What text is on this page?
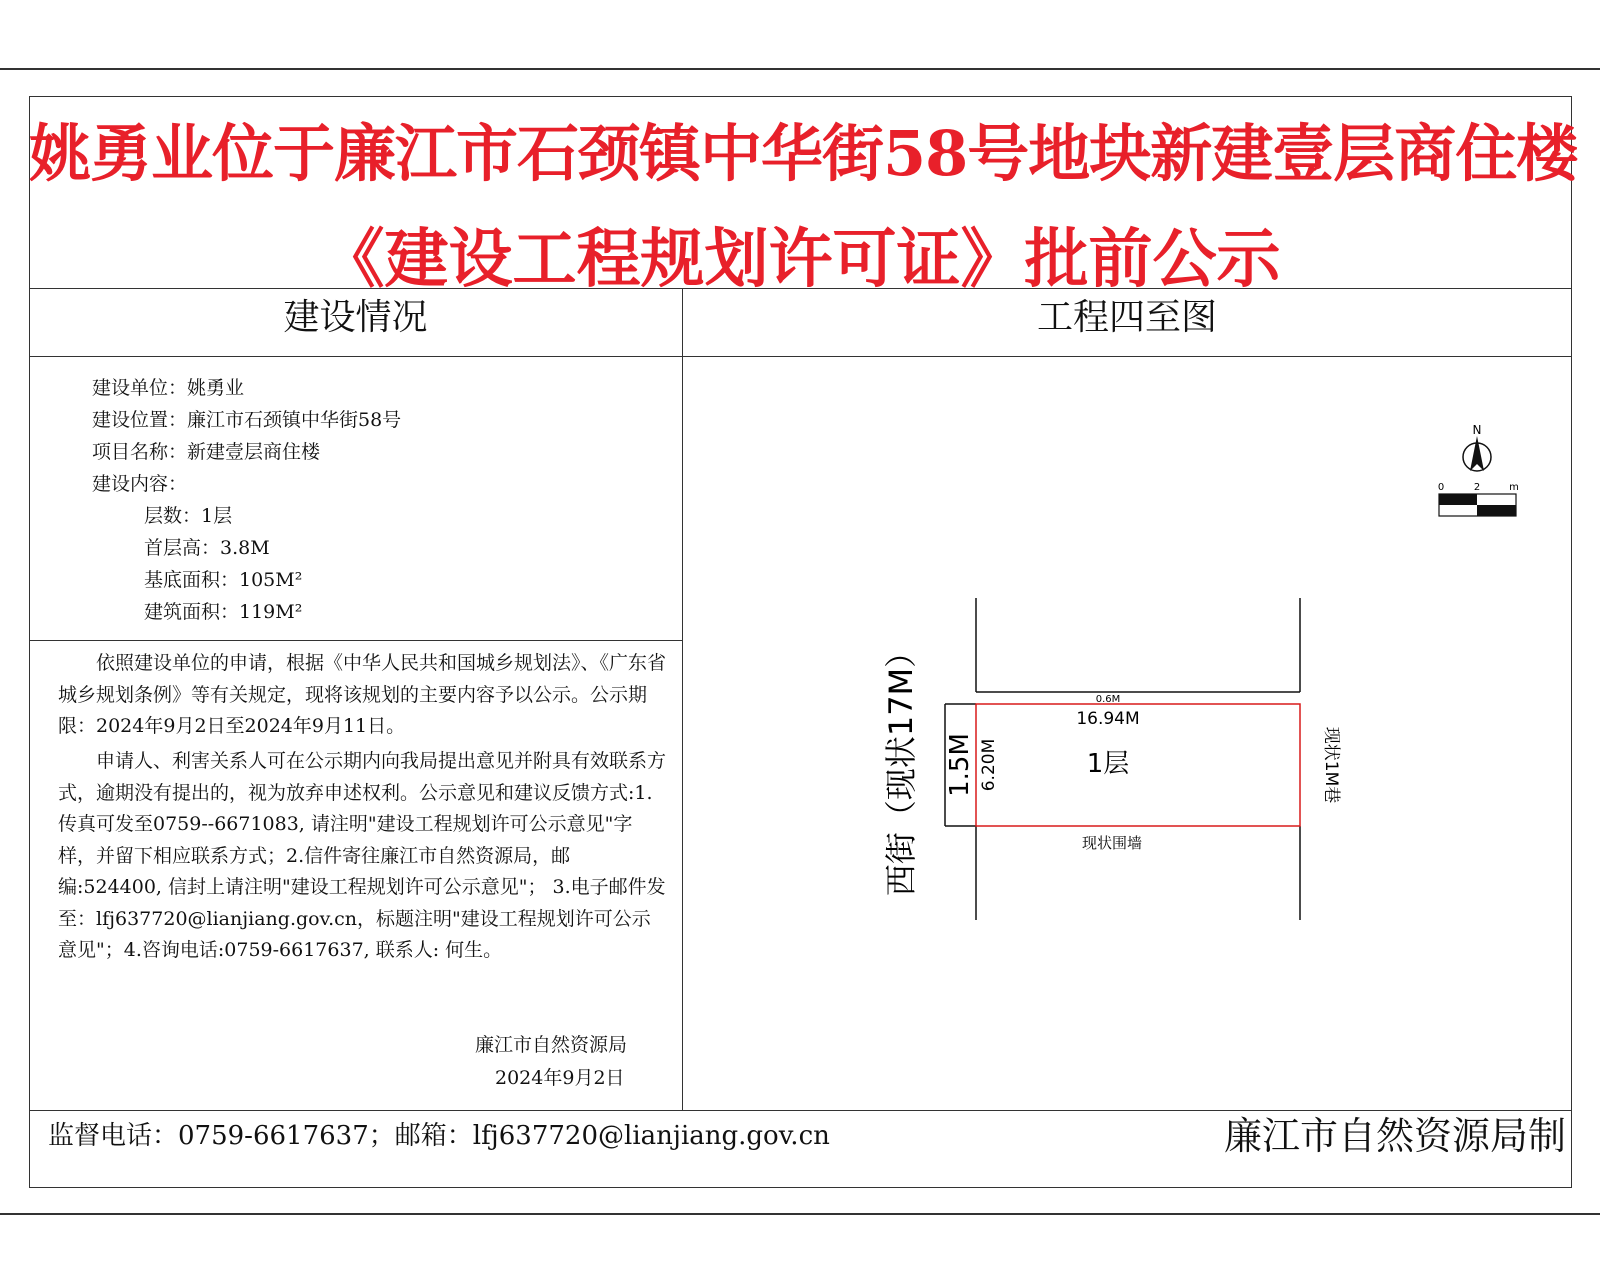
姚勇业位于廉江市石颈镇中华街58号地块新建壹层商住楼
《建设工程规划许可证》批前公示
建设情况	工程四至图
建设单位：姚勇业
建设位置：廉江市石颈镇中华街58号
项目名称：新建壹层商住楼
建设内容：
层数：1层
首层高：3.8M
基底面积：105M²
建筑面积：119M²

依照建设单位的申请，根据《中华人民共和国城乡规划法》、《广东省城乡规划条例》等有关规定，现将该规划的主要内容予以公示。公示期限：2024年9月2日至2024年9月11日。

申请人、利害关系人可在公示期内向我局提出意见并附具有效联系方式，逾期没有提出的，视为放弃申述权利。公示意见和建议反馈方式:1.传真可发至0759--6671083, 请注明"建设工程规划许可公示意见"字样，并留下相应联系方式；2.信件寄往廉江市自然资源局，邮编:524400, 信封上请注明"建设工程规划许可公示意见"； 3.电子邮件发至：lfj637720@lianjiang.gov.cn，标题注明"建设工程规划许可公示意见"；4.咨询电话:0759-6617637, 联系人: 何生。

廉江市自然资源局
2024年9月2日
N
0	2	m
0.6M
16.94M
1层
现状围墙
6.20M
1.5M	现状1M巷
西街（现状17M）
监督电话：0759-6617637；邮箱：lfj637720@lianjiang.gov.cn	廉江市自然资源局制
